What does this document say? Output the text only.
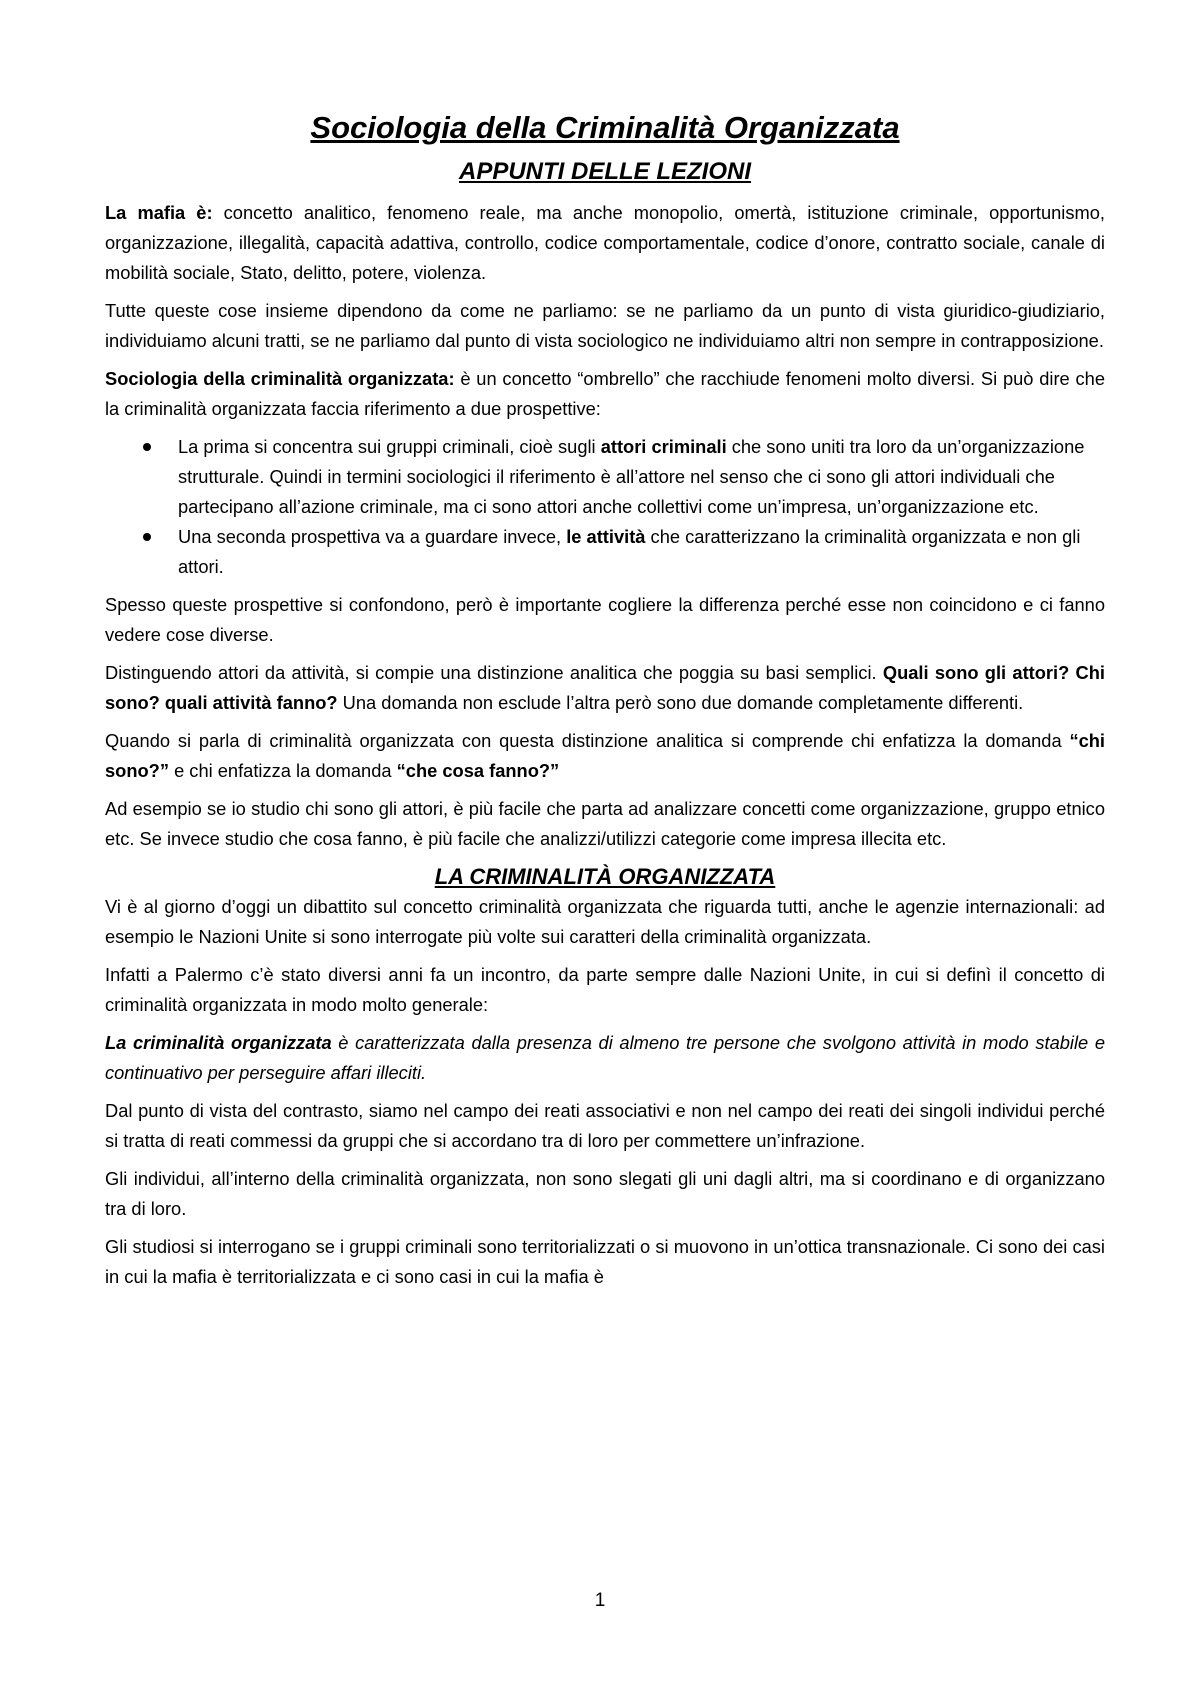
Sociologia della Criminalità Organizzata
APPUNTI DELLE LEZIONI

La mafia è: concetto analitico, fenomeno reale, ma anche monopolio, omertà, istituzione criminale, opportunismo, organizzazione, illegalità, capacità adattiva, controllo, codice comportamentale, codice d’onore, contratto sociale, canale di mobilità sociale, Stato, delitto, potere, violenza.

Tutte queste cose insieme dipendono da come ne parliamo: se ne parliamo da un punto di vista giuridico-giudiziario, individuiamo alcuni tratti, se ne parliamo dal punto di vista sociologico ne individuiamo altri non sempre in contrapposizione.

Sociologia della criminalità organizzata: è un concetto “ombrello” che racchiude fenomeni molto diversi. Si può dire che la criminalità organizzata faccia riferimento a due prospettive:

La prima si concentra sui gruppi criminali, cioè sugli attori criminali che sono uniti tra loro da un’organizzazione strutturale. Quindi in termini sociologici il riferimento è all’attore nel senso che ci sono gli attori individuali che partecipano all’azione criminale, ma ci sono attori anche collettivi come un’impresa, un’organizzazione etc.
Una seconda prospettiva va a guardare invece, le attività che caratterizzano la criminalità organizzata e non gli attori.

Spesso queste prospettive si confondono, però è importante cogliere la differenza perché esse non coincidono e ci fanno vedere cose diverse.

Distinguendo attori da attività, si compie una distinzione analitica che poggia su basi semplici. Quali sono gli attori? Chi sono? quali attività fanno? Una domanda non esclude l’altra però sono due domande completamente differenti.

Quando si parla di criminalità organizzata con questa distinzione analitica si comprende chi enfatizza la domanda “chi sono?” e chi enfatizza la domanda “che cosa fanno?”

Ad esempio se io studio chi sono gli attori, è più facile che parta ad analizzare concetti come organizzazione, gruppo etnico etc. Se invece studio che cosa fanno, è più facile che analizzi/utilizzi categorie come impresa illecita etc.

LA CRIMINALITÀ ORGANIZZATA

Vi è al giorno d’oggi un dibattito sul concetto criminalità organizzata che riguarda tutti, anche le agenzie internazionali: ad esempio le Nazioni Unite si sono interrogate più volte sui caratteri della criminalità organizzata.

Infatti a Palermo c’è stato diversi anni fa un incontro, da parte sempre dalle Nazioni Unite, in cui si definì il concetto di criminalità organizzata in modo molto generale:

La criminalità organizzata è caratterizzata dalla presenza di almeno tre persone che svolgono attività in modo stabile e continuativo per perseguire affari illeciti.

Dal punto di vista del contrasto, siamo nel campo dei reati associativi e non nel campo dei reati dei singoli individui perché si tratta di reati commessi da gruppi che si accordano tra di loro per commettere un’infrazione.

Gli individui, all’interno della criminalità organizzata, non sono slegati gli uni dagli altri, ma si coordinano e di organizzano tra di loro.

Gli studiosi si interrogano se i gruppi criminali sono territorializzati o si muovono in un’ottica transnazionale. Ci sono dei casi in cui la mafia è territorializzata e ci sono casi in cui la mafia è

1
